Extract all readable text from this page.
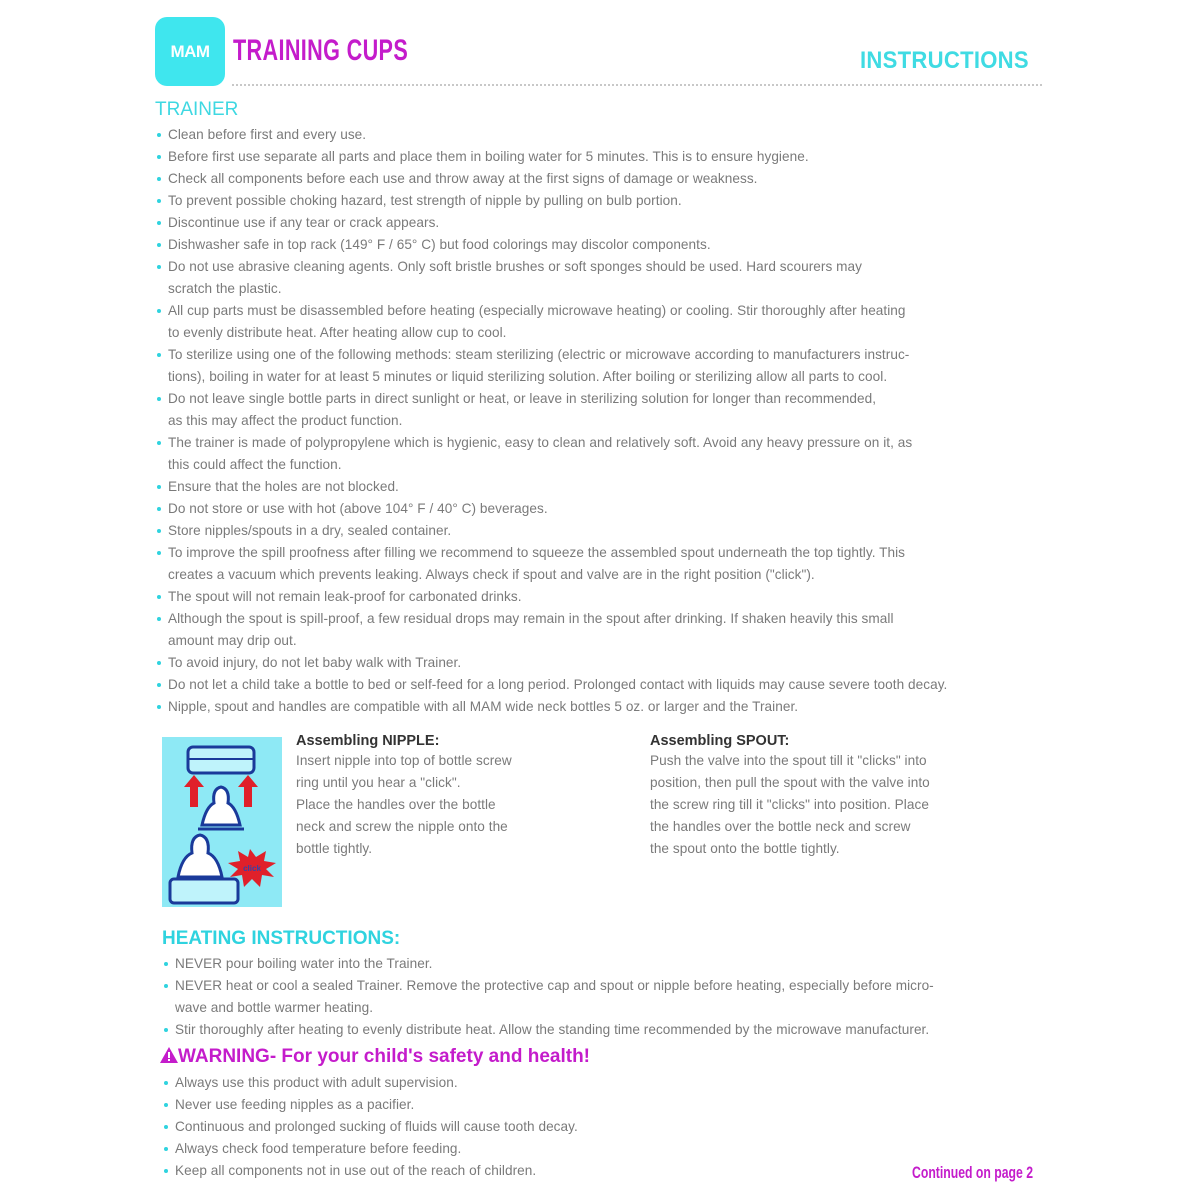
MAM TRAINING CUPS	INSTRUCTIONS
TRAINER
Clean before first and every use.
Before first use separate all parts and place them in boiling water for 5 minutes. This is to ensure hygiene.
Check all components before each use and throw away at the first signs of damage or weakness.
To prevent possible choking hazard, test strength of nipple by pulling on bulb portion.
Discontinue use if any tear or crack appears.
Dishwasher safe in top rack (149° F / 65° C) but food colorings may discolor components.
Do not use abrasive cleaning agents. Only soft bristle brushes or soft sponges should be used. Hard scourers may
scratch the plastic.
All cup parts must be disassembled before heating (especially microwave heating) or cooling. Stir thoroughly after heating
to evenly distribute heat. After heating allow cup to cool.
To sterilize using one of the following methods: steam sterilizing (electric or microwave according to manufacturers instruc-
tions), boiling in water for at least 5 minutes or liquid sterilizing solution. After boiling or sterilizing allow all parts to cool.
Do not leave single bottle parts in direct sunlight or heat, or leave in sterilizing solution for longer than recommended,
as this may affect the product function.
The trainer is made of polypropylene which is hygienic, easy to clean and relatively soft. Avoid any heavy pressure on it, as
this could affect the function.
Ensure that the holes are not blocked.
Do not store or use with hot (above 104° F / 40° C) beverages.
Store nipples/spouts in a dry, sealed container.
To improve the spill proofness after filling we recommend to squeeze the assembled spout underneath the top tightly. This
creates a vacuum which prevents leaking. Always check if spout and valve are in the right position ("click").
The spout will not remain leak-proof for carbonated drinks.
Although the spout is spill-proof, a few residual drops may remain in the spout after drinking. If shaken heavily this small
amount may drip out.
To avoid injury, do not let baby walk with Trainer.
Do not let a child take a bottle to bed or self-feed for a long period. Prolonged contact with liquids may cause severe tooth decay.
Nipple, spout and handles are compatible with all MAM wide neck bottles 5 oz. or larger and the Trainer.
click
Assembling NIPPLE:
Insert nipple into top of bottle screw
ring until you hear a "click".
Place the handles over the bottle
neck and screw the nipple onto the
bottle tightly.
Assembling SPOUT:
Push the valve into the spout till it "clicks" into
position, then pull the spout with the valve into
the screw ring till it "clicks" into position. Place
the handles over the bottle neck and screw
the spout onto the bottle tightly.
HEATING INSTRUCTIONS:
NEVER pour boiling water into the Trainer.
NEVER heat or cool a sealed Trainer. Remove the protective cap and spout or nipple before heating, especially before micro-
wave and bottle warmer heating.
Stir thoroughly after heating to evenly distribute heat. Allow the standing time recommended by the microwave manufacturer.
WARNING- For your child's safety and health!
Always use this product with adult supervision.
Never use feeding nipples as a pacifier.
Continuous and prolonged sucking of fluids will cause tooth decay.
Always check food temperature before feeding.
Keep all components not in use out of the reach of children.	Continued on page 2
